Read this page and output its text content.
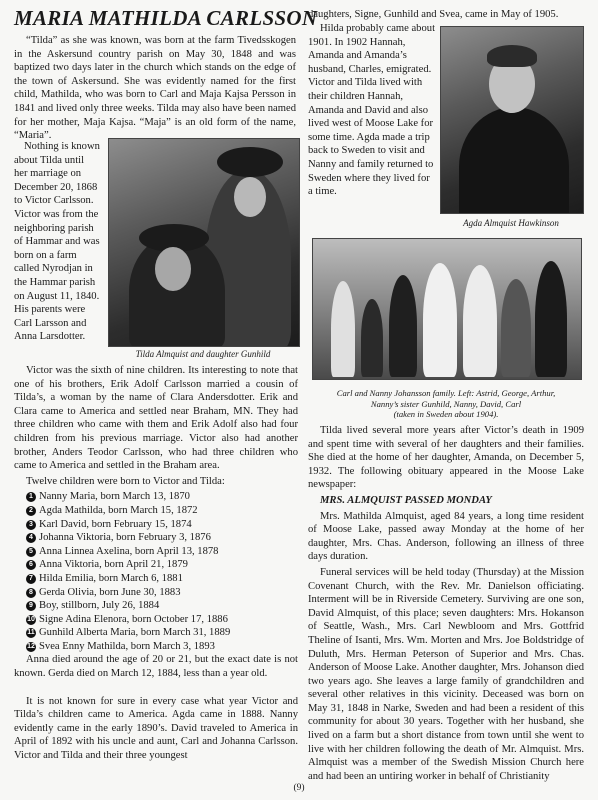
MARIA MATHILDA CARLSSON

“Tilda” as she was known, was born at the farm Tivedsskogen in the Askersund country parish on May 30, 1848 and was baptized two days later in the church which stands on the edge of the town of Askersund. She was evidently named for the first child, Mathilda, who was born to Carl and Maja Kajsa Persson in 1841 and lived only three weeks. Tilda may also have been named for her mother, Maja Kajsa. “Maja” is an old form of the name, “Maria”.

Nothing is known about Tilda until her marriage on December 20, 1868 to Victor Carlsson. Victor was from the neighboring parish of Hammar and was born on a farm called Nyrodjan in the Hammar parish on August 11, 1840. His parents were Carl Larsson and Anna Larsdotter.

Tilda Almquist and daughter Gunhild

Victor was the sixth of nine children. Its interesting to note that one of his brothers, Erik Adolf Carlsson married a cousin of Tilda’s, a woman by the name of Clara Andersdotter. Erik and Clara came to America and settled near Braham, MN. They had three children who came with them and Erik Adolf also had four children from his previous marriage. Victor also had another brother, Anders Teodor Carlsson, who had three children who came to America and settled in the Braham area.

Twelve children were born to Victor and Tilda:

1 Nanny Maria, born March 13, 1870
2 Agda Mathilda, born March 15, 1872
3 Karl David, born February 15, 1874
4 Johanna Viktoria, born February 3, 1876
5 Anna Linnea Axelina, born April 13, 1878
6 Anna Viktoria, born April 21, 1879
7 Hilda Emilia, born March 6, 1881
8 Gerda Olivia, born June 30, 1883
9 Boy, stillborn, July 26, 1884
10 Signe Adina Elenora, born October 17, 1886
11 Gunhild Alberta Maria, born March 31, 1889
12 Svea Enny Mathilda, born March 3, 1893

Anna died around the age of 20 or 21, but the exact date is not known. Gerda died on March 12, 1884, less than a year old.

It is not known for sure in every case what year Victor and Tilda’s children came to America. Agda came in 1888. Nanny evidently came in the early 1890’s. David traveled to America in April of 1892 with his uncle and aunt, Carl and Johanna Carlsson. Victor and Tilda and their three youngest

daughters, Signe, Gunhild and Svea, came in May of 1905.

Hilda probably came about 1901. In 1902 Hannah, Amanda and Amanda’s husband, Charles, emigrated. Victor and Tilda lived with their children Hannah, Amanda and David and also lived west of Moose Lake for some time. Agda made a trip back to Sweden to visit and Nanny and family returned to Sweden where they lived for a time.

Agda Almquist Hawkinson
Carl and Nanny Johansson family. Left: Astrid, George, Arthur,
Nanny’s sister Gunhild, Nanny, David, Carl
(taken in Sweden about 1904).

Tilda lived several more years after Victor’s death in 1909 and spent time with several of her daughters and their families. She died at the home of her daughter, Amanda, on December 5, 1932. The following obituary appeared in the Moose Lake newspaper:

MRS. ALMQUIST PASSED MONDAY

Mrs. Mathilda Almquist, aged 84 years, a long time resident of Moose Lake, passed away Monday at the home of her daughter, Mrs. Chas. Anderson, following an illness of three days duration.

Funeral services will be held today (Thursday) at the Mission Covenant Church, with the Rev. Mr. Danielson officiating. Interment will be in Riverside Cemetery. Surviving are one son, David Almquist, of this place; seven daughters: Mrs. Hokanson of Seattle, Wash., Mrs. Carl Newbloom and Mrs. Gottfrid Theline of Isanti, Mrs. Wm. Morten and Mrs. Joe Boldstridge of Duluth, Mrs. Herman Peterson of Superior and Mrs. Chas. Anderson of Moose Lake. Another daughter, Mrs. Johanson died two years ago. She leaves a large family of grandchildren and several other relatives in this vicinity. Deceased was born on May 31, 1848 in Narke, Sweden and had been a resident of this community for about 30 years. Together with her husband, she lived on a farm but a short distance from town until she went to live with her children following the death of Mr. Almquist. Mrs. Almquist was a member of the Swedish Mission Church here and had been an untiring worker in behalf of Christianity

(9)
